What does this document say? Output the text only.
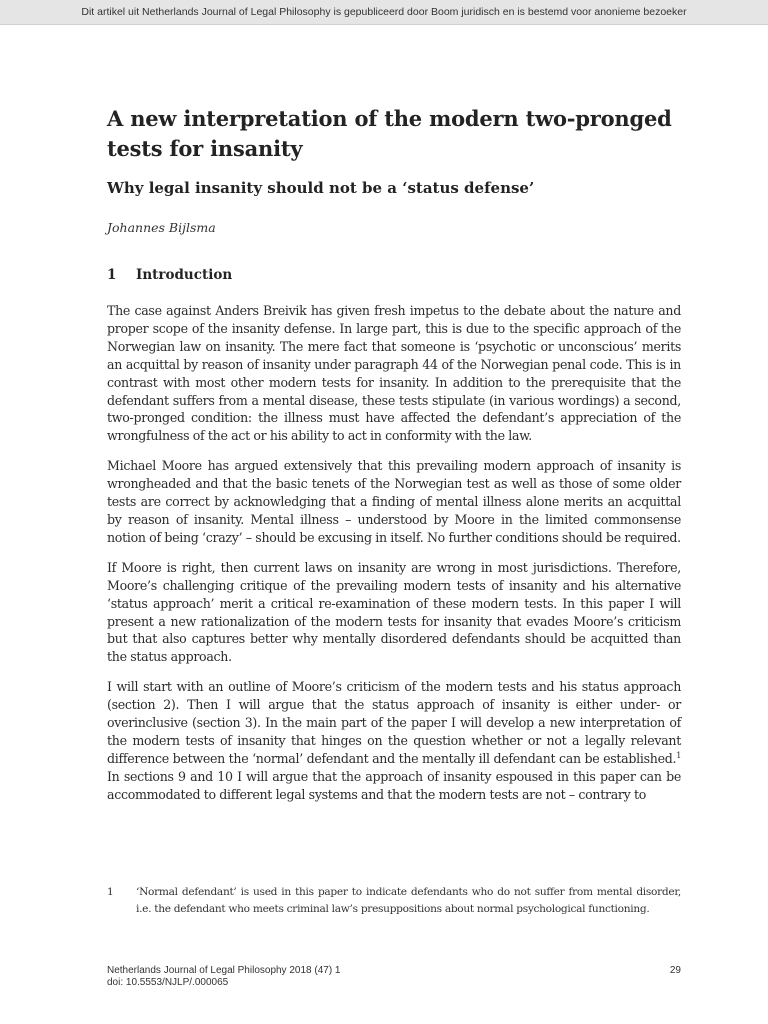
Dit artikel uit Netherlands Journal of Legal Philosophy is gepubliceerd door Boom juridisch en is bestemd voor anonieme bezoeker
A new interpretation of the modern two-pronged tests for insanity
Why legal insanity should not be a ‘status defense’
Johannes Bijlsma
1 Introduction

The case against Anders Breivik has given fresh impetus to the debate about the nature and proper scope of the insanity defense. In large part, this is due to the specific approach of the Norwegian law on insanity. The mere fact that someone is ‘psychotic or unconscious’ merits an acquittal by reason of insanity under paragraph 44 of the Norwegian penal code. This is in contrast with most other modern tests for insanity. In addition to the prerequisite that the defendant suffers from a mental disease, these tests stipulate (in various wordings) a second, two-pronged condition: the illness must have affected the defendant’s appreciation of the wrongfulness of the act or his ability to act in conformity with the law.

Michael Moore has argued extensively that this prevailing modern approach of insanity is wrongheaded and that the basic tenets of the Norwegian test as well as those of some older tests are correct by acknowledging that a finding of mental illness alone merits an acquittal by reason of insanity. Mental illness – understood by Moore in the limited commonsense notion of being ‘crazy’ – should be excusing in itself. No further conditions should be required.

If Moore is right, then current laws on insanity are wrong in most jurisdictions. Therefore, Moore’s challenging critique of the prevailing modern tests of insanity and his alternative ‘status approach’ merit a critical re-examination of these modern tests. In this paper I will present a new rationalization of the modern tests for insanity that evades Moore’s criticism but that also captures better why mentally disordered defendants should be acquitted than the status approach.

I will start with an outline of Moore’s criticism of the modern tests and his status approach (section 2). Then I will argue that the status approach of insanity is either under- or overinclusive (section 3). In the main part of the paper I will develop a new interpretation of the modern tests of insanity that hinges on the question whether or not a legally relevant difference between the ‘normal’ defendant and the mentally ill defendant can be established.$^1$ In sections 9 and 10 I will argue that the approach of insanity espoused in this paper can be accommodated to different legal systems and that the modern tests are not – contrary to

1	‘Normal defendant’ is used in this paper to indicate defendants who do not suffer from mental disorder, i.e. the defendant who meets criminal law’s presuppositions about normal psychological functioning.
Netherlands Journal of Legal Philosophy 2018 (47) 1
doi: 10.5553/NJLP/.000065
29
